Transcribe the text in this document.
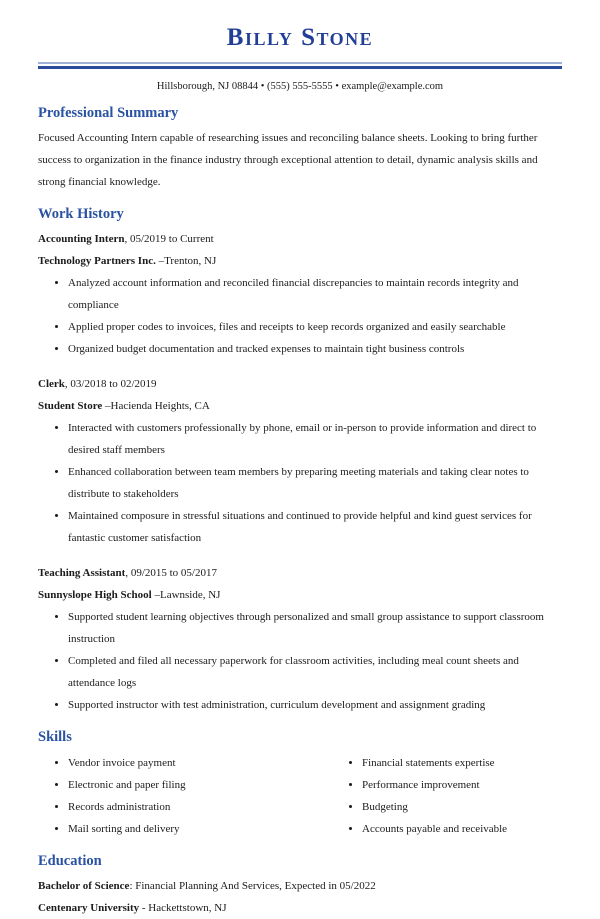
Billy Stone
Hillsborough, NJ 08844 • (555) 555-5555 • example@example.com
Professional Summary

Focused Accounting Intern capable of researching issues and reconciling balance sheets. Looking to bring further success to organization in the finance industry through exceptional attention to detail, dynamic analysis skills and strong financial knowledge.

Work History
Accounting Intern, 05/2019 to Current
Technology Partners Inc. –Trenton, NJ
• Analyzed account information and reconciled financial discrepancies to maintain records integrity and compliance
• Applied proper codes to invoices, files and receipts to keep records organized and easily searchable
• Organized budget documentation and tracked expenses to maintain tight business controls
Clerk, 03/2018 to 02/2019
Student Store –Hacienda Heights, CA
• Interacted with customers professionally by phone, email or in-person to provide information and direct to desired staff members
• Enhanced collaboration between team members by preparing meeting materials and taking clear notes to distribute to stakeholders
• Maintained composure in stressful situations and continued to provide helpful and kind guest services for fantastic customer satisfaction
Teaching Assistant, 09/2015 to 05/2017
Sunnyslope High School –Lawnside, NJ
• Supported student learning objectives through personalized and small group assistance to support classroom instruction
• Completed and filed all necessary paperwork for classroom activities, including meal count sheets and attendance logs
• Supported instructor with test administration, curriculum development and assignment grading
Skills
• Vendor invoice payment
• Electronic and paper filing
• Records administration
• Mail sorting and delivery
• Financial statements expertise
• Performance improvement
• Budgeting
• Accounts payable and receivable
Education
Bachelor of Science: Financial Planning And Services, Expected in 05/2022
Centenary University - Hackettstown, NJ
